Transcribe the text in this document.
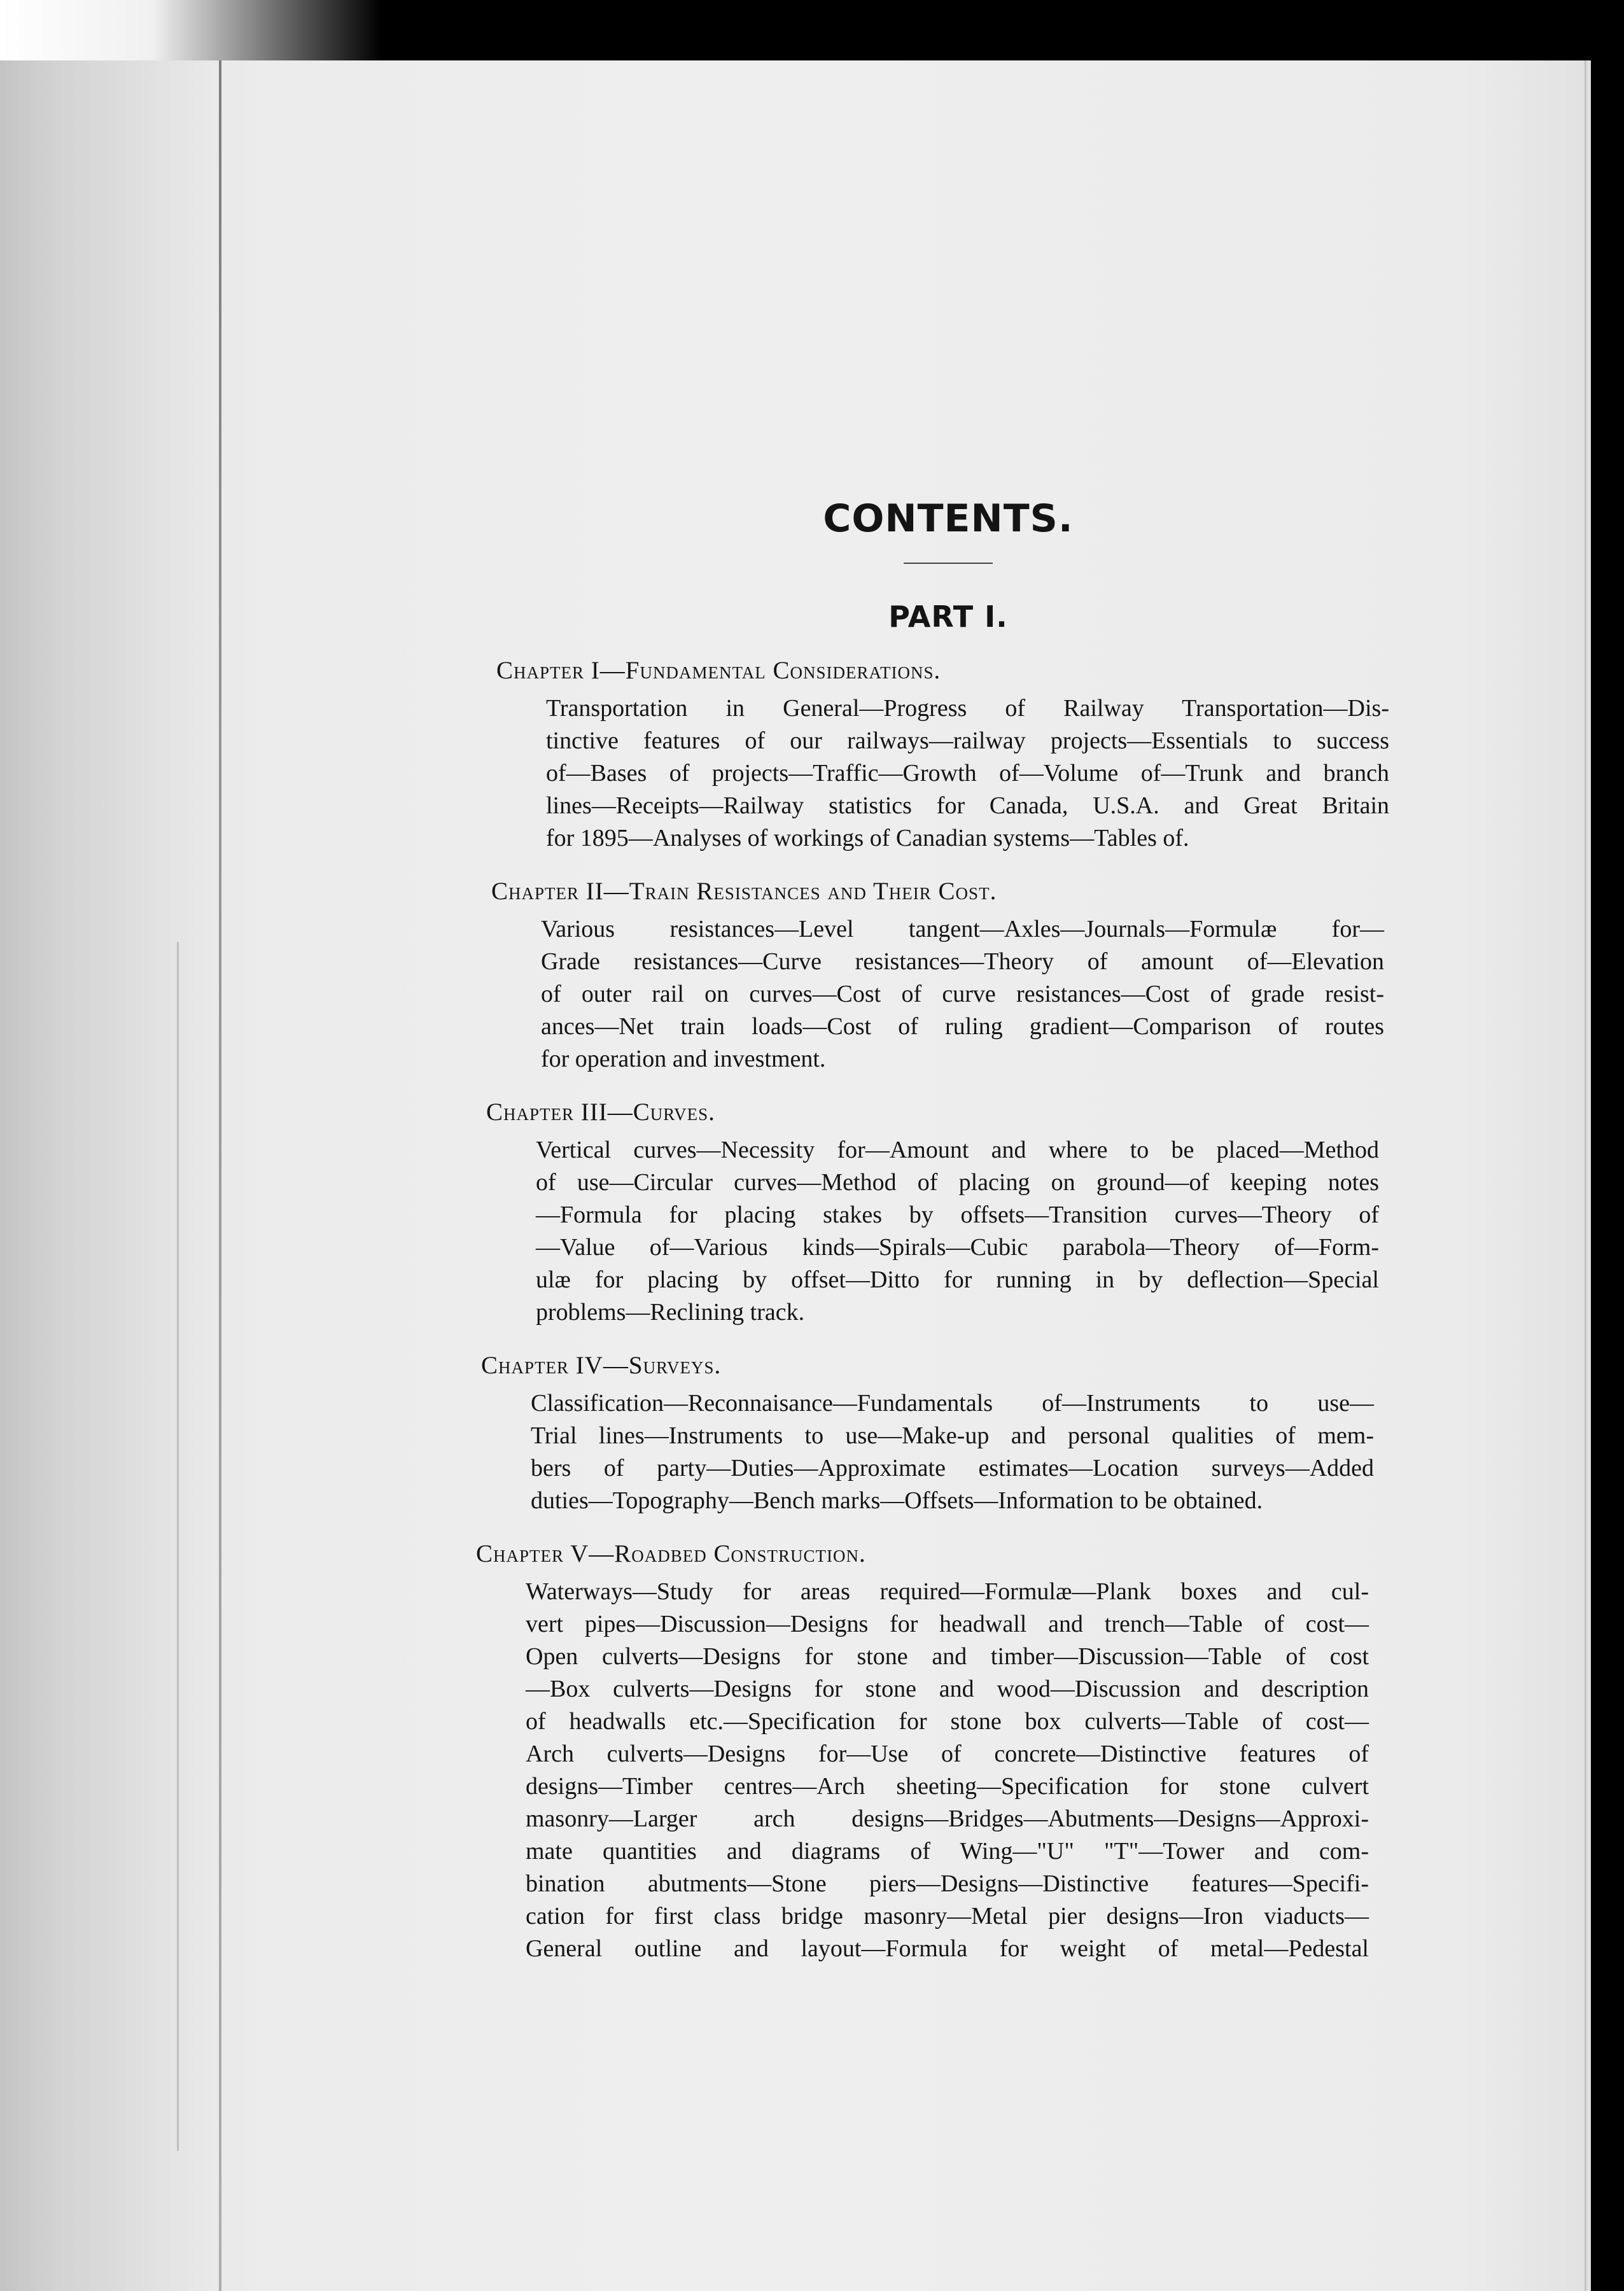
CONTENTS.
PART I.
Chapter I—Fundamental Considerations.
Transportation in General—Progress of Railway Transportation—Dis-
tinctive features of our railways—railway projects—Essentials to success
of—Bases of projects—Traffic—Growth of—Volume of—Trunk and branch
lines—Receipts—Railway statistics for Canada, U.S.A. and Great Britain
for 1895—Analyses of workings of Canadian systems—Tables of.
Chapter II—Train Resistances and Their Cost.
Various resistances—Level tangent—Axles—Journals—Formulæ for—
Grade resistances—Curve resistances—Theory of amount of—Elevation
of outer rail on curves—Cost of curve resistances—Cost of grade resist-
ances—Net train loads—Cost of ruling gradient—Comparison of routes
for operation and investment.
Chapter III—Curves.
Vertical curves—Necessity for—Amount and where to be placed—Method
of use—Circular curves—Method of placing on ground—of keeping notes
—Formula for placing stakes by offsets—Transition curves—Theory of
—Value of—Various kinds—Spirals—Cubic parabola—Theory of—Form-
ulæ for placing by offset—Ditto for running in by deflection—Special
problems—Reclining track.
Chapter IV—Surveys.
Classification—Reconnaisance—Fundamentals of—Instruments to use—
Trial lines—Instruments to use—Make-up and personal qualities of mem-
bers of party—Duties—Approximate estimates—Location surveys—Added
duties—Topography—Bench marks—Offsets—Information to be obtained.
Chapter V—Roadbed Construction.
Waterways—Study for areas required—Formulæ—Plank boxes and cul-
vert pipes—Discussion—Designs for headwall and trench—Table of cost—
Open culverts—Designs for stone and timber—Discussion—Table of cost
—Box culverts—Designs for stone and wood—Discussion and description
of headwalls etc.—Specification for stone box culverts—Table of cost—
Arch culverts—Designs for—Use of concrete—Distinctive features of
designs—Timber centres—Arch sheeting—Specification for stone culvert
masonry—Larger arch designs—Bridges—Abutments—Designs—Approxi-
mate quantities and diagrams of Wing—"U" "T"—Tower and com-
bination abutments—Stone piers—Designs—Distinctive features—Specifi-
cation for first class bridge masonry—Metal pier designs—Iron viaducts—
General outline and layout—Formula for weight of metal—Pedestal
